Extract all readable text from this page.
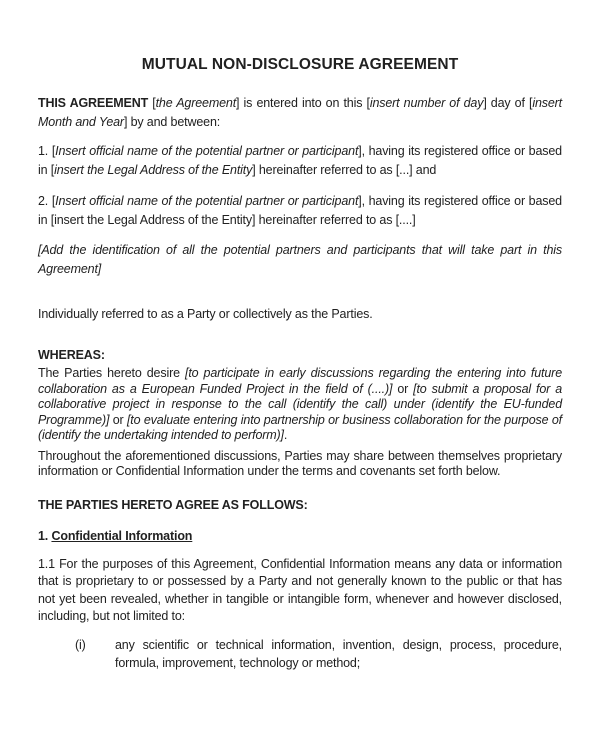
MUTUAL NON-DISCLOSURE AGREEMENT

THIS AGREEMENT [the Agreement] is entered into on this [insert number of day] day of [insert Month and Year] by and between:

1. [Insert official name of the potential partner or participant], having its registered office or based in [insert the Legal Address of the Entity] hereinafter referred to as [...] and

2. [Insert official name of the potential partner or participant], having its registered office or based in [insert the Legal Address of the Entity] hereinafter referred to as [....]

[Add the identification of all the potential partners and participants that will take part in this Agreement]

Individually referred to as a Party or collectively as the Parties.

WHEREAS:

The Parties hereto desire [to participate in early discussions regarding the entering into future collaboration as a European Funded Project in the field of (....)] or [to submit a proposal for a collaborative project in response to the call (identify the call) under (identify the EU-funded Programme)] or [to evaluate entering into partnership or business collaboration for the purpose of (identify the undertaking intended to perform)].

Throughout the aforementioned discussions, Parties may share between themselves proprietary information or Confidential Information under the terms and covenants set forth below.

THE PARTIES HERETO AGREE AS FOLLOWS:

1. Confidential Information

1.1 For the purposes of this Agreement, Confidential Information means any data or information that is proprietary to or possessed by a Party and not generally known to the public or that has not yet been revealed, whether in tangible or intangible form, whenever and however disclosed, including, but not limited to:

(i)	any scientific or technical information, invention, design, process, procedure, formula, improvement, technology or method;
